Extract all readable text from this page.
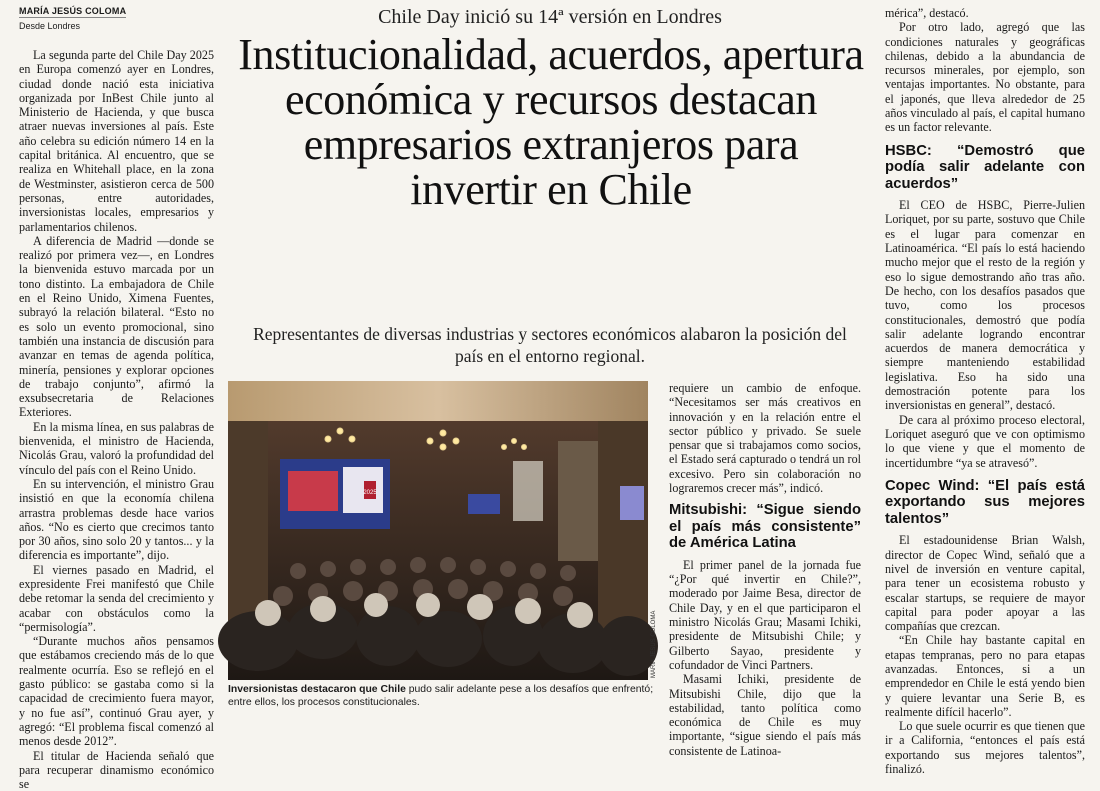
MARÍA JESÚS COLOMA
Desde Londres

La segunda parte del Chile Day 2025 en Europa comenzó ayer en Londres, ciudad donde nació esta iniciativa organizada por InBest Chile junto al Ministerio de Hacienda, y que busca atraer nuevas inversiones al país. Este año celebra su edición número 14 en la capital británica. Al encuentro, que se realiza en Whitehall place, en la zona de Westminster, asistieron cerca de 500 personas, entre autoridades, inversionistas locales, empresarios y parlamentarios chilenos.

A diferencia de Madrid —donde se realizó por primera vez—, en Londres la bienvenida estuvo marcada por un tono distinto. La embajadora de Chile en el Reino Unido, Ximena Fuentes, subrayó la relación bilateral. “Esto no es solo un evento promocional, sino también una instancia de discusión para avanzar en temas de agenda política, minería, pensiones y explorar opciones de trabajo conjunto”, afirmó la exsubsecretaria de Relaciones Exteriores.

En la misma línea, en sus palabras de bienvenida, el ministro de Hacienda, Nicolás Grau, valoró la profundidad del vínculo del país con el Reino Unido.

En su intervención, el ministro Grau insistió en que la economía chilena arrastra problemas desde hace varios años. “No es cierto que crecimos tanto por 30 años, sino solo 20 y tantos... y la diferencia es importante”, dijo.

El viernes pasado en Madrid, el expresidente Frei manifestó que Chile debe retomar la senda del crecimiento y acabar con obstáculos como la “permisología”.

“Durante muchos años pensamos que estábamos creciendo más de lo que realmente ocurría. Eso se reflejó en el gasto público: se gastaba como si la capacidad de crecimiento fuera mayor, y no fue así”, continuó Grau ayer, y agregó: “El problema fiscal comenzó al menos desde 2012”.

El titular de Hacienda señaló que para recuperar dinamismo económico se

Chile Day inició su 14ª versión en Londres
Institucionalidad, acuerdos, apertura económica y recursos destacan empresarios extranjeros para invertir en Chile
Representantes de diversas industrias y sectores económicos alabaron la posición del país en el entorno regional.
2025
MARÍA JESÚS COLOMA
Inversionistas destacaron que Chile pudo salir adelante pese a los desafíos que enfrentó; entre ellos, los procesos constitucionales.

requiere un cambio de enfoque. “Necesitamos ser más creativos en innovación y en la relación entre el sector público y privado. Se suele pensar que si trabajamos como socios, el Estado será capturado o tendrá un rol excesivo. Pero sin colaboración no lograremos crecer más”, indicó.

Mitsubishi: “Sigue siendo el país más consistente” de América Latina

El primer panel de la jornada fue “¿Por qué invertir en Chile?”, moderado por Jaime Besa, director de Chile Day, y en el que participaron el ministro Nicolás Grau; Masami Ichiki, presidente de Mitsubishi Chile; y Gilberto Sayao, presidente y cofundador de Vinci Partners.

Masami Ichiki, presidente de Mitsubishi Chile, dijo que la estabilidad, tanto política como económica de Chile es muy importante, “sigue siendo el país más consistente de Latinoa-

mérica”, destacó.

Por otro lado, agregó que las condiciones naturales y geográficas chilenas, debido a la abundancia de recursos minerales, por ejemplo, son ventajas importantes. No obstante, para el japonés, que lleva alrededor de 25 años vinculado al país, el capital humano es un factor relevante.

HSBC: “Demostró que podía salir adelante con acuerdos”

El CEO de HSBC, Pierre-Julien Loriquet, por su parte, sostuvo que Chile es el lugar para comenzar en Latinoamérica. “El país lo está haciendo mucho mejor que el resto de la región y eso lo sigue demostrando año tras año. De hecho, con los desafíos pasados que tuvo, como los procesos constitucionales, demostró que podía salir adelante logrando encontrar acuerdos de manera democrática y siempre manteniendo estabilidad legislativa. Eso ha sido una demostración potente para los inversionistas en general”, destacó.

De cara al próximo proceso electoral, Loriquet aseguró que ve con optimismo lo que viene y que el momento de incertidumbre “ya se atravesó”.

Copec Wind: “El país está exportando sus mejores talentos”

El estadounidense Brian Walsh, director de Copec Wind, señaló que a nivel de inversión en venture capital, para tener un ecosistema robusto y escalar startups, se requiere de mayor capital para poder apoyar a las compañías que crezcan.

“En Chile hay bastante capital en etapas tempranas, pero no para etapas avanzadas. Entonces, si a un emprendedor en Chile le está yendo bien y quiere levantar una Serie B, es realmente difícil hacerlo”.

Lo que suele ocurrir es que tienen que ir a California, “entonces el país está exportando sus mejores talentos”, finalizó.
